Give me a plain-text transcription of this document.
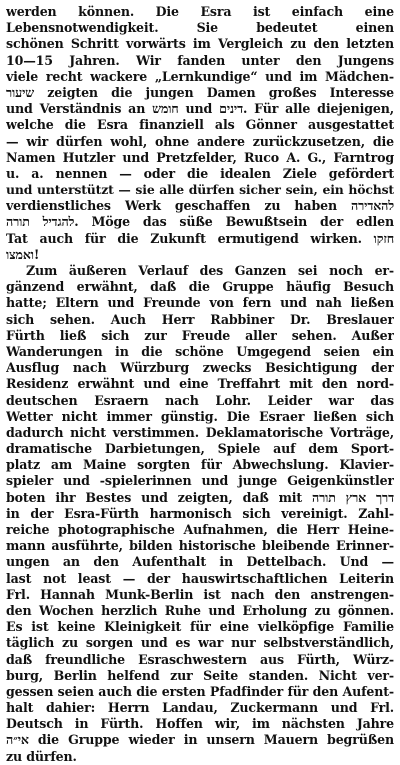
werden können. Die Esra ist einfach eine
Lebensnotwendigkeit. Sie bedeutet einen
schönen Schritt vorwärts im Vergleich zu den letzten
10—15 Jahren. Wir fanden unter den Jungens
viele recht wackere „Lernkundige“ und im Mädchen-
שיעור zeigten die jungen Damen großes Interesse
und Verständnis an חומש und דינים. Für alle diejenigen,
welche die Esra finanziell als Gönner ausgestattet
— wir dürfen wohl, ohne andere zurückzusetzen, die
Namen Hutzler und Pretzfelder, Ruco A. G., Farntrog
u. a. nennen — oder die idealen Ziele gefördert
und unterstützt — sie alle dürfen sicher sein, ein höchst
verdienstliches Werk geschaffen zu haben להאדירה
להגדיל תורה. Möge das süße Bewußtsein der edlen
Tat auch für die Zukunft ermutigend wirken. חזקו
ואמצו!
Zum äußeren Verlauf des Ganzen sei noch er-
gänzend erwähnt, daß die Gruppe häufig Besuch
hatte; Eltern und Freunde von fern und nah ließen
sich sehen. Auch Herr Rabbiner Dr. Breslauer
Fürth ließ sich zur Freude aller sehen. Außer
Wanderungen in die schöne Umgegend seien ein
Ausflug nach Würzburg zwecks Besichtigung der
Residenz erwähnt und eine Treffahrt mit den nord-
deutschen Esraern nach Lohr. Leider war das
Wetter nicht immer günstig. Die Esraer ließen sich
dadurch nicht verstimmen. Deklamatorische Vorträge,
dramatische Darbietungen, Spiele auf dem Sport-
platz am Maine sorgten für Abwechslung. Klavier-
spieler und -spielerinnen und junge Geigenkünstler
boten ihr Bestes und zeigten, daß mit דרך ארץ תורה
in der Esra-Fürth harmonisch sich vereinigt. Zahl-
reiche photographische Aufnahmen, die Herr Heine-
mann ausführte, bilden historische bleibende Erinner-
ungen an den Aufenthalt in Dettelbach. Und —
last not least — der hauswirtschaftlichen Leiterin
Frl. Hannah Munk-Berlin ist nach den anstrengen-
den Wochen herzlich Ruhe und Erholung zu gönnen.
Es ist keine Kleinigkeit für eine vielköpfige Familie
täglich zu sorgen und es war nur selbstverständlich,
daß freundliche Esraschwestern aus Fürth, Würz-
burg, Berlin helfend zur Seite standen. Nicht ver-
gessen seien auch die ersten Pfadfinder für den Aufent-
halt dahier: Herrn Landau, Zuckermann und Frl.
Deutsch in Fürth. Hoffen wir, im nächsten Jahre
אי״ה die Gruppe wieder in unsern Mauern begrüßen
zu dürfen.
